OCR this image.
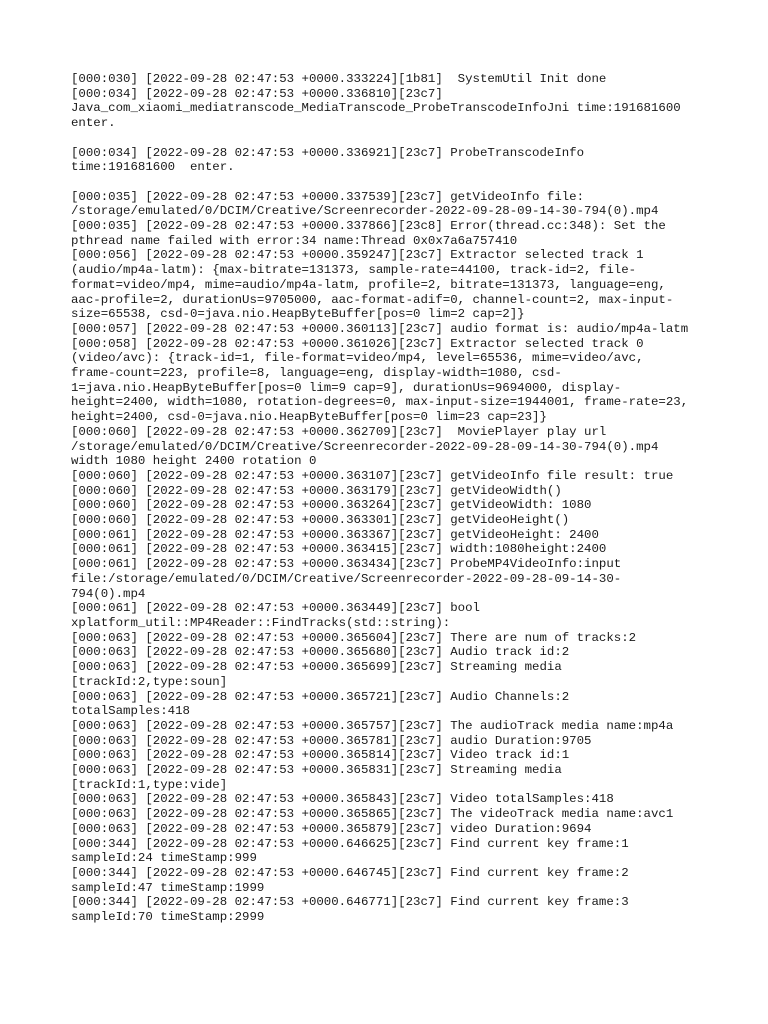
[000:030] [2022-09-28 02:47:53 +0000.333224][1b81]  SystemUtil Init done
[000:034] [2022-09-28 02:47:53 +0000.336810][23c7]
Java_com_xiaomi_mediatranscode_MediaTranscode_ProbeTranscodeInfoJni time:191681600
enter.
[000:034] [2022-09-28 02:47:53 +0000.336921][23c7] ProbeTranscodeInfo
time:191681600  enter.
[000:035] [2022-09-28 02:47:53 +0000.337539][23c7] getVideoInfo file:
/storage/emulated/0/DCIM/Creative/Screenrecorder-2022-09-28-09-14-30-794(0).mp4
[000:035] [2022-09-28 02:47:53 +0000.337866][23c8] Error(thread.cc:348): Set the
pthread name failed with error:34 name:Thread 0x0x7a6a757410
[000:056] [2022-09-28 02:47:53 +0000.359247][23c7] Extractor selected track 1
(audio/mp4a-latm): {max-bitrate=131373, sample-rate=44100, track-id=2, file-
format=video/mp4, mime=audio/mp4a-latm, profile=2, bitrate=131373, language=eng,
aac-profile=2, durationUs=9705000, aac-format-adif=0, channel-count=2, max-input-
size=65538, csd-0=java.nio.HeapByteBuffer[pos=0 lim=2 cap=2]}
[000:057] [2022-09-28 02:47:53 +0000.360113][23c7] audio format is: audio/mp4a-latm
[000:058] [2022-09-28 02:47:53 +0000.361026][23c7] Extractor selected track 0
(video/avc): {track-id=1, file-format=video/mp4, level=65536, mime=video/avc,
frame-count=223, profile=8, language=eng, display-width=1080, csd-
1=java.nio.HeapByteBuffer[pos=0 lim=9 cap=9], durationUs=9694000, display-
height=2400, width=1080, rotation-degrees=0, max-input-size=1944001, frame-rate=23,
height=2400, csd-0=java.nio.HeapByteBuffer[pos=0 lim=23 cap=23]}
[000:060] [2022-09-28 02:47:53 +0000.362709][23c7]  MoviePlayer play url
/storage/emulated/0/DCIM/Creative/Screenrecorder-2022-09-28-09-14-30-794(0).mp4
width 1080 height 2400 rotation 0
[000:060] [2022-09-28 02:47:53 +0000.363107][23c7] getVideoInfo file result: true
[000:060] [2022-09-28 02:47:53 +0000.363179][23c7] getVideoWidth()
[000:060] [2022-09-28 02:47:53 +0000.363264][23c7] getVideoWidth: 1080
[000:060] [2022-09-28 02:47:53 +0000.363301][23c7] getVideoHeight()
[000:061] [2022-09-28 02:47:53 +0000.363367][23c7] getVideoHeight: 2400
[000:061] [2022-09-28 02:47:53 +0000.363415][23c7] width:1080height:2400
[000:061] [2022-09-28 02:47:53 +0000.363434][23c7] ProbeMP4VideoInfo:input
file:/storage/emulated/0/DCIM/Creative/Screenrecorder-2022-09-28-09-14-30-
794(0).mp4
[000:061] [2022-09-28 02:47:53 +0000.363449][23c7] bool
xplatform_util::MP4Reader::FindTracks(std::string):
[000:063] [2022-09-28 02:47:53 +0000.365604][23c7] There are num of tracks:2
[000:063] [2022-09-28 02:47:53 +0000.365680][23c7] Audio track id:2
[000:063] [2022-09-28 02:47:53 +0000.365699][23c7] Streaming media
[trackId:2,type:soun]
[000:063] [2022-09-28 02:47:53 +0000.365721][23c7] Audio Channels:2
totalSamples:418
[000:063] [2022-09-28 02:47:53 +0000.365757][23c7] The audioTrack media name:mp4a
[000:063] [2022-09-28 02:47:53 +0000.365781][23c7] audio Duration:9705
[000:063] [2022-09-28 02:47:53 +0000.365814][23c7] Video track id:1
[000:063] [2022-09-28 02:47:53 +0000.365831][23c7] Streaming media
[trackId:1,type:vide]
[000:063] [2022-09-28 02:47:53 +0000.365843][23c7] Video totalSamples:418
[000:063] [2022-09-28 02:47:53 +0000.365865][23c7] The videoTrack media name:avc1
[000:063] [2022-09-28 02:47:53 +0000.365879][23c7] video Duration:9694
[000:344] [2022-09-28 02:47:53 +0000.646625][23c7] Find current key frame:1
sampleId:24 timeStamp:999
[000:344] [2022-09-28 02:47:53 +0000.646745][23c7] Find current key frame:2
sampleId:47 timeStamp:1999
[000:344] [2022-09-28 02:47:53 +0000.646771][23c7] Find current key frame:3
sampleId:70 timeStamp:2999
